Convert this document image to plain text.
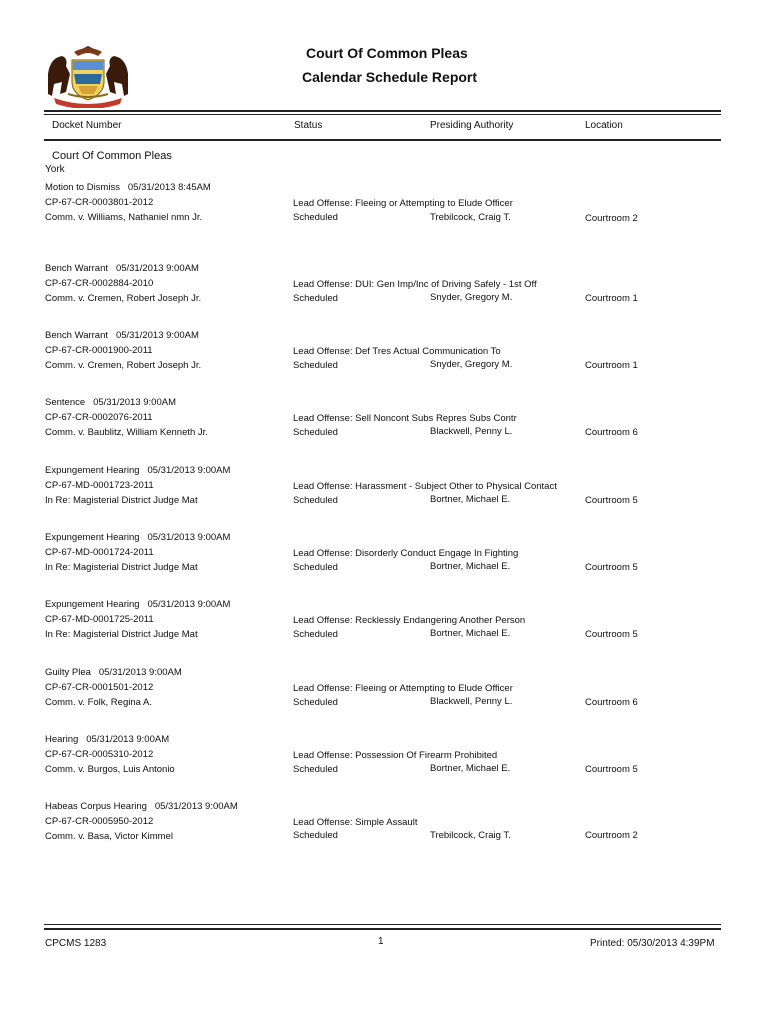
Court Of Common Pleas
Calendar Schedule Report
Docket Number	Status	Presiding Authority	Location
Court Of Common Pleas
York
Motion to Dismiss 05/31/2013 8:45AM
CP-67-CR-0003801-2012
Comm. v. Williams, Nathaniel nmn Jr.
Lead Offense: Fleeing or Attempting to Elude Officer
Scheduled	Trebilcock, Craig T.	Courtroom 2
Bench Warrant 05/31/2013 9:00AM
CP-67-CR-0002884-2010
Comm. v. Cremen, Robert Joseph Jr.
Lead Offense: DUI: Gen Imp/Inc of Driving Safely - 1st Off
Scheduled	Snyder, Gregory M.	Courtroom 1
Bench Warrant 05/31/2013 9:00AM
CP-67-CR-0001900-2011
Comm. v. Cremen, Robert Joseph Jr.
Lead Offense: Def Tres Actual Communication To
Scheduled	Snyder, Gregory M.	Courtroom 1
Sentence 05/31/2013 9:00AM
CP-67-CR-0002076-2011
Comm. v. Baublitz, William Kenneth Jr.
Lead Offense: Sell Noncont Subs Repres Subs Contr
Scheduled	Blackwell, Penny L.	Courtroom 6
Expungement Hearing 05/31/2013 9:00AM
CP-67-MD-0001723-2011
In Re: Magisterial District Judge Mat
Lead Offense: Harassment - Subject Other to Physical Contact
Scheduled	Bortner, Michael E.	Courtroom 5
Expungement Hearing 05/31/2013 9:00AM
CP-67-MD-0001724-2011
In Re: Magisterial District Judge Mat
Lead Offense: Disorderly Conduct Engage In Fighting
Scheduled	Bortner, Michael E.	Courtroom 5
Expungement Hearing 05/31/2013 9:00AM
CP-67-MD-0001725-2011
In Re: Magisterial District Judge Mat
Lead Offense: Recklessly Endangering Another Person
Scheduled	Bortner, Michael E.	Courtroom 5
Guilty Plea 05/31/2013 9:00AM
CP-67-CR-0001501-2012
Comm. v. Folk, Regina A.
Lead Offense: Fleeing or Attempting to Elude Officer
Scheduled	Blackwell, Penny L.	Courtroom 6
Hearing 05/31/2013 9:00AM
CP-67-CR-0005310-2012
Comm. v. Burgos, Luis Antonio
Lead Offense: Possession Of Firearm Prohibited
Scheduled	Bortner, Michael E.	Courtroom 5
Habeas Corpus Hearing 05/31/2013 9:00AM
CP-67-CR-0005950-2012
Comm. v. Basa, Victor Kimmel
Lead Offense: Simple Assault
Scheduled	Trebilcock, Craig T.	Courtroom 2
CPCMS 1283	1	Printed: 05/30/2013 4:39PM
